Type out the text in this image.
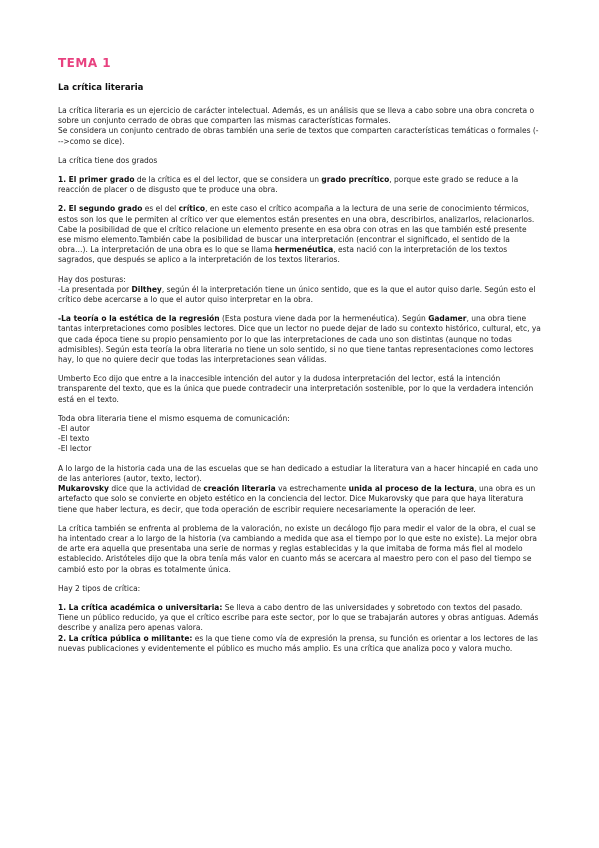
TEMA 1
La crítica literaria

La crítica literaria es un ejercicio de carácter intelectual. Además, es un análisis que se lleva a cabo sobre una obra concreta o sobre un conjunto cerrado de obras que comparten las mismas características formales.
Se considera un conjunto centrado de obras también una serie de textos que comparten características temáticas o formales (--->como se dice).

La crítica tiene dos grados

1. El primer grado de la crítica es el del lector, que se considera un grado precrítico, porque este grado se reduce a la reacción de placer o de disgusto que te produce una obra.

2. El segundo grado es el del crítico, en este caso el crítico acompaña a la lectura de una serie de conocimiento térmicos, estos son los que le permiten al crítico ver que elementos están presentes en una obra, describirlos, analizarlos, relacionarlos. Cabe la posibilidad de que el crítico relacione un elemento presente en esa obra con otras en las que también esté presente ese mismo elemento.También cabe la posibilidad de buscar una interpretación (encontrar el significado, el sentido de la obra…). La interpretación de una obra es lo que se llama hermenéutica, esta nació con la interpretación de los textos sagrados, que después se aplico a la interpretación de los textos literarios.

Hay dos posturas:
-La presentada por Dilthey, según él la interpretación tiene un único sentido, que es la que el autor quiso darle. Según esto el crítico debe acercarse a lo que el autor quiso interpretar en la obra.

-La teoría o la estética de la regresión (Esta postura viene dada por la hermenéutica). Según Gadamer, una obra tiene tantas interpretaciones como posibles lectores. Dice que un lector no puede dejar de lado su contexto histórico, cultural, etc, ya que cada época tiene su propio pensamiento por lo que las interpretaciones de cada uno son distintas (aunque no todas admisibles). Según esta teoría la obra literaria no tiene un solo sentido, si no que tiene tantas representaciones como lectores hay, lo que no quiere decir que todas las interpretaciones sean válidas.

Umberto Eco dijo que entre a la inaccesible intención del autor y la dudosa interpretación del lector, está la intención transparente del texto, que es la única que puede contradecir una interpretación sostenible, por lo que la verdadera intención está en el texto.

Toda obra literaria tiene el mismo esquema de comunicación:
-El autor
-El texto
-El lector

A lo largo de la historia cada una de las escuelas que se han dedicado a estudiar la literatura van a hacer hincapié en cada uno de las anteriores (autor, texto, lector).
Mukarovsky dice que la actividad de creación literaria va estrechamente unida al proceso de la lectura, una obra es un artefacto que solo se convierte en objeto estético en la conciencia del lector. Dice Mukarovsky que para que haya literatura tiene que haber lectura, es decir, que toda operación de escribir requiere necesariamente la operación de leer.

La crítica también se enfrenta al problema de la valoración, no existe un decálogo fijo para medir el valor de la obra, el cual se ha intentado crear a lo largo de la historia (va cambiando a medida que asa el tiempo por lo que este no existe). La mejor obra de arte era aquella que presentaba una serie de normas y reglas establecidas y la que imitaba de forma más fiel al modelo establecido. Aristóteles dijo que la obra tenía más valor en cuanto más se acercara al maestro pero con el paso del tiempo se cambió esto por la obras es totalmente única.

Hay 2 tipos de crítica:

1. La crítica académica o universitaria: Se lleva a cabo dentro de las universidades y sobretodo con textos del pasado. Tiene un público reducido, ya que el crítico escribe para este sector, por lo que se trabajarán autores y obras antiguas. Además describe y analiza pero apenas valora.
2. La crítica pública o militante: es la que tiene como vía de expresión la prensa, su función es orientar a los lectores de las nuevas publicaciones y evidentemente el público es mucho más amplio. Es una crítica que analiza poco y valora mucho.
